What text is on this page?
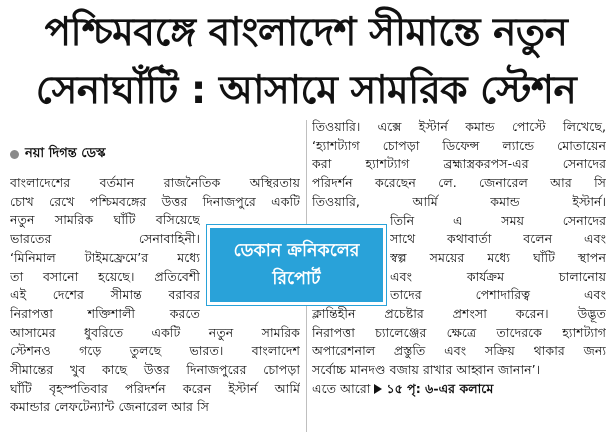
পশ্চিমবঙ্গে বাংলাদেশ সীমান্তে নতুন
সেনাঘাঁটি : আসামে সামরিক স্টেশন
নয়া দিগন্ত ডেস্ক
বাংলাদেশের বর্তমান রাজনৈতিক অস্থিরতায়
চোখ রেখে পশ্চিমবঙ্গের উত্তর দিনাজপুরে একটি
নতুন সামরিক ঘাঁটি বসিয়েছে
ভারতের সেনাবাহিনী।
‘মিনিমাল টাইমফ্রেমে’র মধ্যে
তা বসানো হয়েছে। প্রতিবেশী
এই দেশের সীমান্ত বরাবর
নিরাপত্তা শক্তিশালী করতে
আসামের ধুবরিতে একটি নতুন সামরিক
স্টেশনও গড়ে তুলছে ভারত। বাংলাদেশ
সীমান্তের খুব কাছে উত্তর দিনাজপুরের চোপড়া
ঘাঁটি বৃহস্পতিবার পরিদর্শন করেন ইস্টার্ন আর্মি
কমান্ডার লেফটেন্যান্ট জেনারেল আর সি
তিওয়ারি। এক্সে ইস্টার্ন কমান্ড পোস্টে লিখেছে,
‘হ্যাশট্যাগ চোপড়া ডিফেন্স ল্যান্ডে মোতায়েন
করা হ্যাশট্যাগ ব্রহ্মাস্ত্রকরপস-এর সেনাদের
পরিদর্শন করেছেন লে. জেনারেল আর সি
তিওয়ারি, আর্মি কমান্ড ইস্টার্ন।
তিনি এ সময় সেনাদের
সাথে কথাবার্তা বলেন এবং
স্বল্প সময়ের মধ্যে ঘাঁটি স্থাপন
এবং কার্যক্রম চালানোয়
তাদের পেশাদারিত্ব এবং
ক্লান্তিহীন প্রচেষ্টার প্রশংসা করেন। উদ্ভূত
নিরাপত্তা চ্যালেঞ্জের ক্ষেত্রে তাদেরকে হ্যাশট্যাগ
অপারেশনাল প্রস্তুতি এবং সক্রিয় থাকার জন্য
সর্বোচ্চ মানদণ্ড বজায় রাখার আহ্বান জানান’।
এতে আরো ১৫ পৃ: ৬-এর কলামে
ডেকান ক্রনিকলের
রিপোর্ট
